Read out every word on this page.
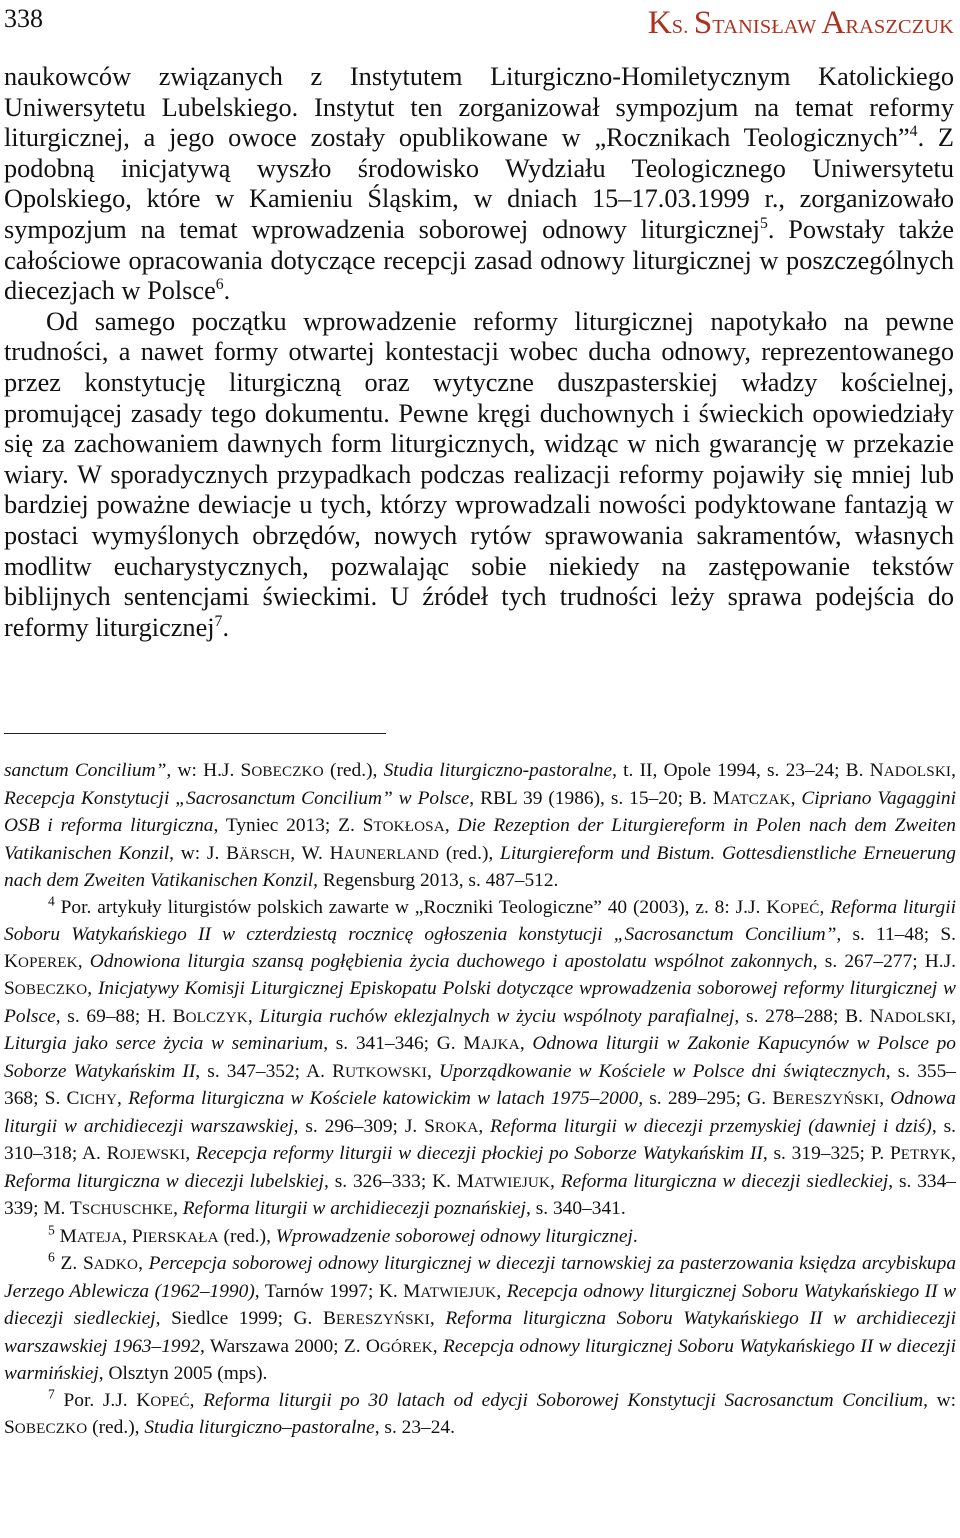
338	KS. STANISŁAW ARASZCZUK

naukowców związanych z Instytutem Liturgiczno-Homiletycznym Katolickiego Uniwersytetu Lubelskiego. Instytut ten zorganizował sympozjum na temat reformy liturgicznej, a jego owoce zostały opublikowane w „Rocznikach Teologicznych”$^4$. Z podobną inicjatywą wyszło środowisko Wydziału Teologicznego Uniwersytetu Opolskiego, które w Kamieniu Śląskim, w dniach 15–17.03.1999 r., zorganizowało sympozjum na temat wprowadzenia soborowej odnowy liturgicznej$^5$. Powstały także całościowe opracowania dotyczące recepcji zasad odnowy liturgicznej w poszczególnych diecezjach w Polsce$^6$.

Od samego początku wprowadzenie reformy liturgicznej napotykało na pewne trudności, a nawet formy otwartej kontestacji wobec ducha odnowy, reprezentowanego przez konstytucję liturgiczną oraz wytyczne duszpasterskiej władzy kościelnej, promującej zasady tego dokumentu. Pewne kręgi duchownych i świeckich opowiedziały się za zachowaniem dawnych form liturgicznych, widząc w nich gwarancję w przekazie wiary. W sporadycznych przypadkach podczas realizacji reformy pojawiły się mniej lub bardziej poważne dewiacje u tych, którzy wprowadzali nowości podyktowane fantazją w postaci wymyślonych obrzędów, nowych rytów sprawowania sakramentów, własnych modlitw eucharystycznych, pozwalając sobie niekiedy na zastępowanie tekstów biblijnych sentencjami świeckimi. U źródeł tych trudności leży sprawa podejścia do reformy liturgicznej$^7$.

sanctum Concilium”, w: H.J. SOBECZKO (red.), Studia liturgiczno-pastoralne, t. II, Opole 1994, s. 23–24; B. NADOLSKI, Recepcja Konstytucji „Sacrosanctum Concilium” w Polsce, RBL 39 (1986), s. 15–20; B. MATCZAK, Cipriano Vagaggini OSB i reforma liturgiczna, Tyniec 2013; Z. STOKŁOSA, Die Rezeption der Liturgiereform in Polen nach dem Zweiten Vatikanischen Konzil, w: J. BÄRSCH, W. HAUNERLAND (red.), Liturgiereform und Bistum. Gottesdienstliche Erneuerung nach dem Zweiten Vatikanischen Konzil, Regensburg 2013, s. 487–512.

$^4$ Por. artykuły liturgistów polskich zawarte w „Roczniki Teologiczne” 40 (2003), z. 8: J.J. KOPEĆ, Reforma liturgii Soboru Watykańskiego II w czterdziestą rocznicę ogłoszenia konstytucji „Sacrosanctum Concilium”, s. 11–48; S. KOPEREK, Odnowiona liturgia szansą pogłębienia życia duchowego i apostolatu wspólnot zakonnych, s. 267–277; H.J. SOBECZKO, Inicjatywy Komisji Liturgicznej Episkopatu Polski dotyczące wprowadzenia soborowej reformy liturgicznej w Polsce, s. 69–88; H. BOLCZYK, Liturgia ruchów eklezjalnych w życiu wspólnoty parafialnej, s. 278–288; B. NADOLSKI, Liturgia jako serce życia w seminarium, s. 341–346; G. MAJKA, Odnowa liturgii w Zakonie Kapucynów w Polsce po Soborze Watykańskim II, s. 347–352; A. RUTKOWSKI, Uporządkowanie w Kościele w Polsce dni świątecznych, s. 355–368; S. CICHY, Reforma liturgiczna w Kościele katowickim w latach 1975–2000, s. 289–295; G. BERESZYŃSKI, Odnowa liturgii w archidiecezji warszawskiej, s. 296–309; J. SROKA, Reforma liturgii w diecezji przemyskiej (dawniej i dziś), s. 310–318; A. ROJEWSKI, Recepcja reformy liturgii w diecezji płockiej po Soborze Watykańskim II, s. 319–325; P. PETRYK, Reforma liturgiczna w diecezji lubelskiej, s. 326–333; K. MATWIEJUK, Reforma liturgiczna w diecezji siedleckiej, s. 334–339; M. TSCHUSCHKE, Reforma liturgii w archidiecezji poznańskiej, s. 340–341.

$^5$ MATEJA, PIERSKAŁA (red.), Wprowadzenie soborowej odnowy liturgicznej.

$^6$ Z. SADKO, Percepcja soborowej odnowy liturgicznej w diecezji tarnowskiej za pasterzowania księdza arcybiskupa Jerzego Ablewicza (1962–1990), Tarnów 1997; K. MATWIEJUK, Recepcja odnowy liturgicznej Soboru Watykańskiego II w diecezji siedleckiej, Siedlce 1999; G. BERESZYŃSKI, Reforma liturgiczna Soboru Watykańskiego II w archidiecezji warszawskiej 1963–1992, Warszawa 2000; Z. OGÓREK, Recepcja odnowy liturgicznej Soboru Watykańskiego II w diecezji warmińskiej, Olsztyn 2005 (mps).

$^7$ Por. J.J. KOPEĆ, Reforma liturgii po 30 latach od edycji Soborowej Konstytucji Sacrosanctum Concilium, w: SOBECZKO (red.), Studia liturgiczno–pastoralne, s. 23–24.
